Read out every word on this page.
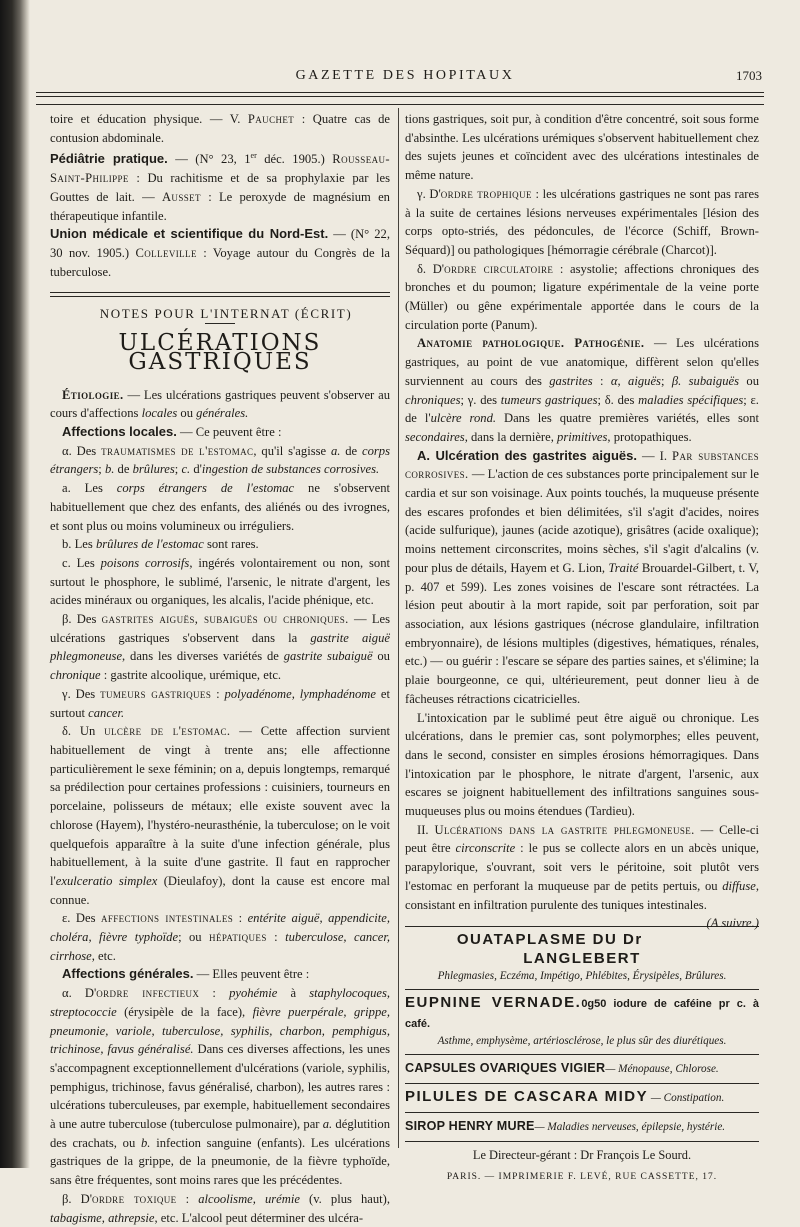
GAZETTE DES HOPITAUX	1703

toire et éducation physique. — V. Pauchet : Quatre cas de contusion abdominale.

Pédiâtrie pratique. — (N° 23, 1er déc. 1905.) Rousseau-Saint-Philippe : Du rachitisme et de sa prophylaxie par les Gouttes de lait. — Ausset : Le peroxyde de magnésium en thérapeutique infantile.

Union médicale et scientifique du Nord-Est. — (N° 22, 30 nov. 1905.) Colleville : Voyage autour du Congrès de la tuberculose.

NOTES POUR L'INTERNAT (ÉCRIT)

ULCÉRATIONS GASTRIQUES

Étiologie. — Les ulcérations gastriques peuvent s'observer au cours d'affections locales ou générales.

Affections locales. — Ce peuvent être :

α. Des traumatismes de l'estomac, qu'il s'agisse a. de corps étrangers; b. de brûlures; c. d'ingestion de substances corrosives.

a. Les corps étrangers de l'estomac ne s'observent habituellement que chez des enfants, des aliénés ou des ivrognes, et sont plus ou moins volumineux ou irréguliers.

b. Les brûlures de l'estomac sont rares.

c. Les poisons corrosifs, ingérés volontairement ou non, sont surtout le phosphore, le sublimé, l'arsenic, le nitrate d'argent, les acides minéraux ou organiques, les alcalis, l'acide phénique, etc.

β. Des gastrites aiguës, subaiguës ou chroniques. — Les ulcérations gastriques s'observent dans la gastrite aiguë phlegmoneuse, dans les diverses variétés de gastrite subaiguë ou chronique : gastrite alcoolique, urémique, etc.

γ. Des tumeurs gastriques : polyadénome, lymphadénome et surtout cancer.

δ. Un ulcère de l'estomac. — Cette affection survient habituellement de vingt à trente ans; elle affectionne particulièrement le sexe féminin; on a, depuis longtemps, remarqué sa prédilection pour certaines professions : cuisiniers, tourneurs en porcelaine, polisseurs de métaux; elle existe souvent avec la chlorose (Hayem), l'hystéro-neurasthénie, la tuberculose; on le voit quelquefois apparaître à la suite d'une infection générale, plus habituellement, à la suite d'une gastrite. Il faut en rapprocher l'exulceratio simplex (Dieulafoy), dont la cause est encore mal connue.

ε. Des affections intestinales : entérite aiguë, appendicite, choléra, fièvre typhoïde; ou hépatiques : tuberculose, cancer, cirrhose, etc.

Affections générales. — Elles peuvent être :

α. D'ordre infectieux : pyohémie à staphylocoques, streptococcie (érysipèle de la face), fièvre puerpérale, grippe, pneumonie, variole, tuberculose, syphilis, charbon, pemphigus, trichinose, favus généralisé. Dans ces diverses affections, les unes s'accompagnent exceptionnellement d'ulcérations (variole, syphilis, pemphigus, trichinose, favus généralisé, charbon), les autres rares : ulcérations tuberculeuses, par exemple, habituellement secondaires à une autre tuberculose (tuberculose pulmonaire), par a. déglutition des crachats, ou b. infection sanguine (enfants). Les ulcérations gastriques de la grippe, de la pneumonie, de la fièvre typhoïde, sans être fréquentes, sont moins rares que les précédentes.

β. D'ordre toxique : alcoolisme, urémie (v. plus haut), tabagisme, athrepsie, etc. L'alcool peut déterminer des ulcéra-

tions gastriques, soit pur, à condition d'être concentré, soit sous forme d'absinthe. Les ulcérations urémiques s'observent habituellement chez des sujets jeunes et coïncident avec des ulcérations intestinales de même nature.

γ. D'ordre trophique : les ulcérations gastriques ne sont pas rares à la suite de certaines lésions nerveuses expérimentales [lésion des corps opto-striés, des pédoncules, de l'écorce (Schiff, Brown-Séquard)] ou pathologiques [hémorragie cérébrale (Charcot)].

δ. D'ordre circulatoire : asystolie; affections chroniques des bronches et du poumon; ligature expérimentale de la veine porte (Müller) ou gêne expérimentale apportée dans le cours de la circulation porte (Panum).

Anatomie pathologique. Pathogénie. — Les ulcérations gastriques, au point de vue anatomique, diffèrent selon qu'elles surviennent au cours des gastrites : α, aiguës; β. subaiguës ou chroniques; γ. des tumeurs gastriques; δ. des maladies spécifiques; ε. de l'ulcère rond. Dans les quatre premières variétés, elles sont secondaires, dans la dernière, primitives, protopathiques.

A. Ulcération des gastrites aiguës. — I. Par substances corrosives. — L'action de ces substances porte principalement sur le cardia et sur son voisinage. Aux points touchés, la muqueuse présente des escares profondes et bien délimitées, s'il s'agit d'acides, noires (acide sulfurique), jaunes (acide azotique), grisâtres (acide oxalique); moins nettement circonscrites, moins sèches, s'il s'agit d'alcalins (v. pour plus de détails, Hayem et G. Lion, Traité Brouardel-Gilbert, t. V, p. 407 et 599). Les zones voisines de l'escare sont rétractées. La lésion peut aboutir à la mort rapide, soit par perforation, soit par association, aux lésions gastriques (nécrose glandulaire, infiltration embryonnaire), de lésions multiples (digestives, hématiques, rénales, etc.) — ou guérir : l'escare se sépare des parties saines, et s'élimine; la plaie bourgeonne, ce qui, ultérieurement, peut donner lieu à de fâcheuses rétractions cicatricielles.

L'intoxication par le sublimé peut être aiguë ou chronique. Les ulcérations, dans le premier cas, sont polymorphes; elles peuvent, dans le second, consister en simples érosions hémorragiques. Dans l'intoxication par le phosphore, le nitrate d'argent, l'arsenic, aux escares se joignent habituellement des infiltrations sanguines sous-muqueuses plus ou moins étendues (Tardieu).

II. Ulcérations dans la gastrite phlegmoneuse. — Celle-ci peut être circonscrite : le pus se collecte alors en un abcès unique, parapylorique, s'ouvrant, soit vers le péritoine, soit plutôt vers l'estomac en perforant la muqueuse par de petits pertuis, ou diffuse, consistant en infiltration purulente des tuniques intestinales.
(A suivre.)

OUATAPLASME DU Dr LANGLEBERT
Phlegmasies, Eczéma, Impétigo, Phlébites, Érysipèles, Brûlures.
EUPNINE VERNADE.0g50 iodure de caféine pr c. à café.
Asthme, emphysème, artériosclérose, le plus sûr des diurétiques.
CAPSULES OVARIQUES VIGIER— Ménopause, Chlorose.
PILULES DE CASCARA MIDY — Constipation.
SIROP HENRY MURE— Maladies nerveuses, épilepsie, hystérie.
Le Directeur-gérant : Dr François Le Sourd.
PARIS. — IMPRIMERIE F. LEVÉ, RUE CASSETTE, 17.
